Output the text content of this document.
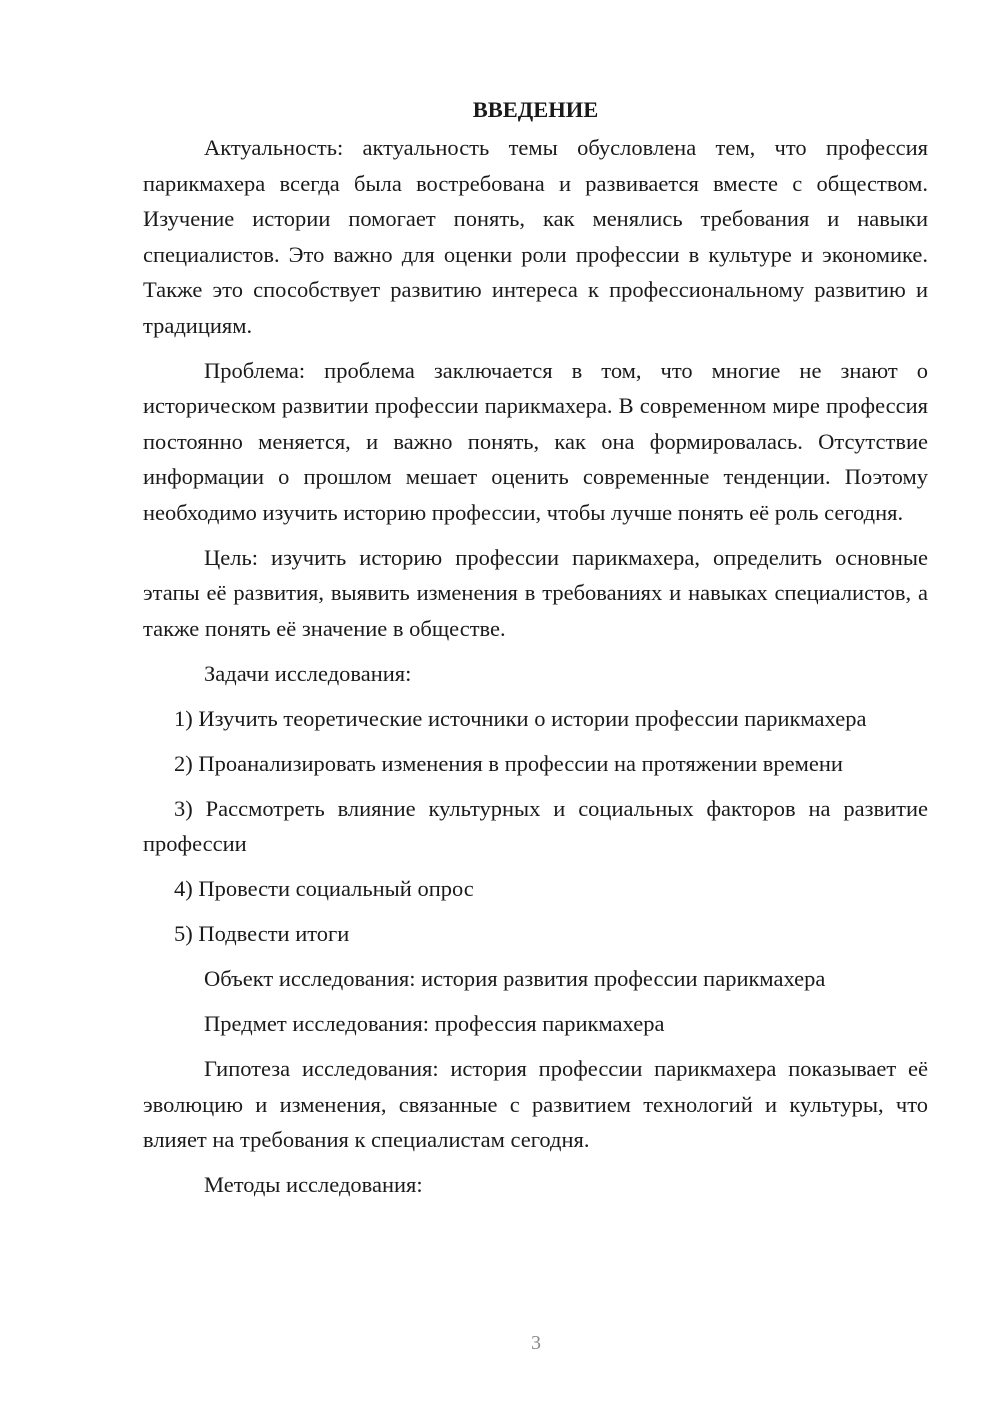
ВВЕДЕНИЕ

Актуальность: актуальность темы обусловлена тем, что профессия парикмахера всегда была востребована и развивается вместе с обществом. Изучение истории помогает понять, как менялись требования и навыки специалистов. Это важно для оценки роли профессии в культуре и экономике. Также это способствует развитию интереса к профессиональному развитию и традициям.

Проблема: проблема заключается в том, что многие не знают о историческом развитии профессии парикмахера. В современном мире профессия постоянно меняется, и важно понять, как она формировалась. Отсутствие информации о прошлом мешает оценить современные тенденции. Поэтому необходимо изучить историю профессии, чтобы лучше понять её роль сегодня.

Цель: изучить историю профессии парикмахера, определить основные этапы её развития, выявить изменения в требованиях и навыках специалистов, а также понять её значение в обществе.

Задачи исследования:

1) Изучить теоретические источники о истории профессии парикмахера

2) Проанализировать изменения в профессии на протяжении времени

3) Рассмотреть влияние культурных и социальных факторов на развитие профессии

4) Провести социальный опрос

5) Подвести итоги

Объект исследования: история развития профессии парикмахера

Предмет исследования: профессия парикмахера

Гипотеза исследования: история профессии парикмахера показывает её эволюцию и изменения, связанные с развитием технологий и культуры, что влияет на требования к специалистам сегодня.

Методы исследования:

3
